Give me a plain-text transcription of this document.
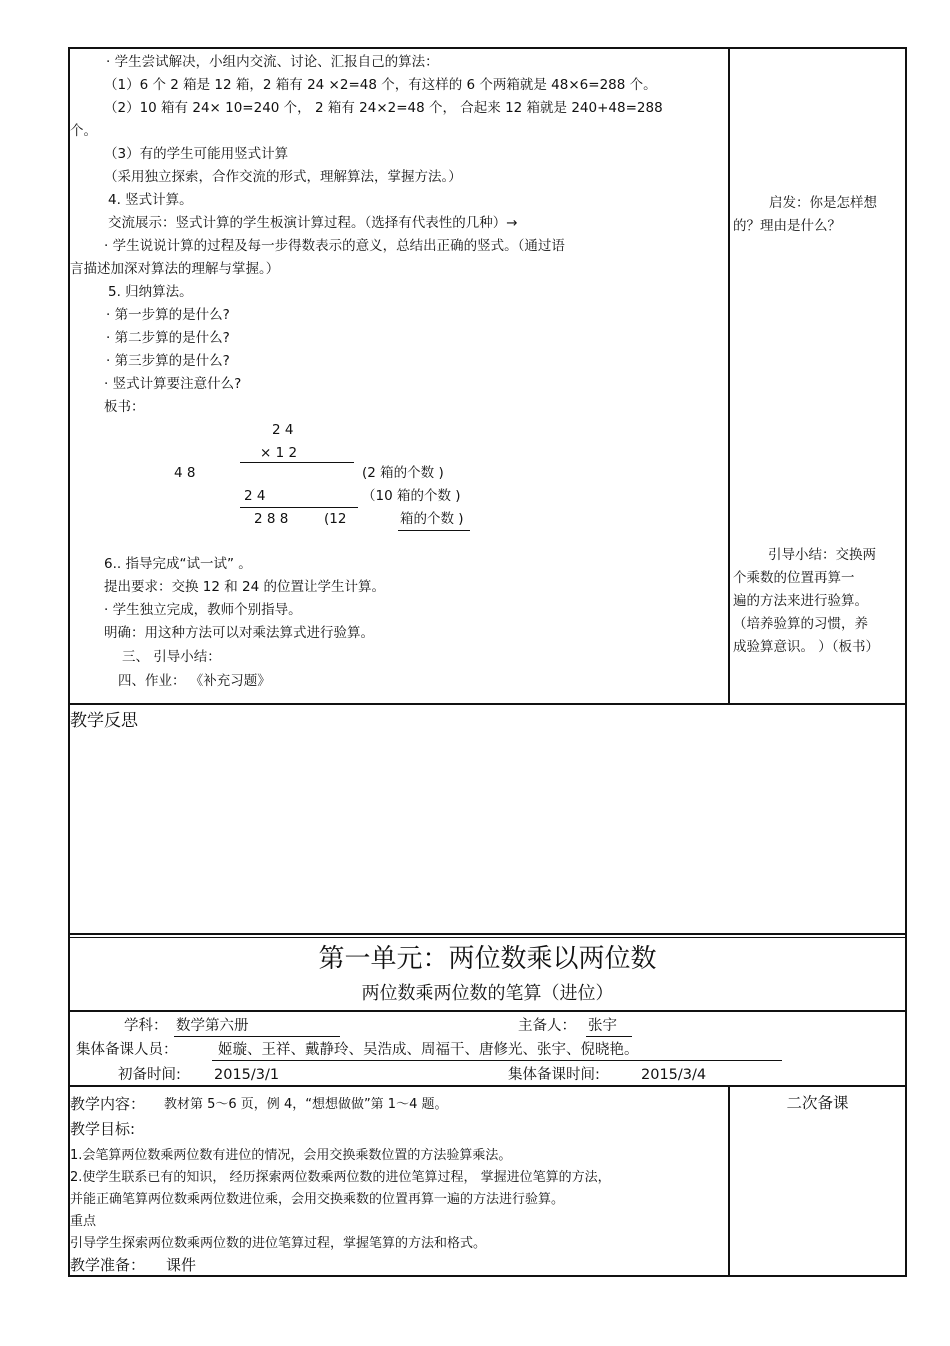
· 学生尝试解决，小组内交流、讨论、汇报自己的算法：
（1）6 个 2 箱是 12 箱，2 箱有 24 ×2=48 个，有这样的 6 个两箱就是 48×6=288 个。
（2）10 箱有 24× 10=240 个， 2 箱有 24×2=48 个， 合起来 12 箱就是 240+48=288
个。
（3）有的学生可能用竖式计算
（采用独立探索，合作交流的形式，理解算法，掌握方法。）
4. 竖式计算。
交流展示：竖式计算的学生板演计算过程。（选择有代表性的几种）→
· 学生说说计算的过程及每一步得数表示的意义，总结出正确的竖式。（通过语
言描述加深对算法的理解与掌握。）
5. 归纳算法。
· 第一步算的是什么?
· 第二步算的是什么?
· 第三步算的是什么?
· 竖式计算要注意什么?
板书：
2 4
× 1 2
4 8	(2 箱的个数 )
2 4	（10 箱的个数 )
2 8 8	(12	箱的个数 )
6.. 指导完成“试一试” 。
提出要求：交换 12 和 24 的位置让学生计算。
· 学生独立完成，教师个别指导。
明确：用这种方法可以对乘法算式进行验算。
三、 引导小结：
四、作业： 《补充习题》
启发：你是怎样想的？理由是什么？
引导小结：交换两
个乘数的位置再算一
遍的方法来进行验算。
（培养验算的习惯，养
成验算意识。 ）（板书）
教学反思
第一单元：两位数乘以两位数
两位数乘两位数的笔算（进位）
学科： 数学第六册	主备人： 张宇
集体备课人员：	姬璇、王祥、戴静玲、吴浩成、周福干、唐修光、张宇、倪晓艳。
初备时间: 2015/3/1	集体备课时间:	2015/3/4
教学内容： 教材第 5～6 页，例 4，“想想做做”第 1～4 题。	二次备课
教学目标:
1.会笔算两位数乘两位数有进位的情况，会用交换乘数位置的方法验算乘法。
2.使学生联系已有的知识， 经历探索两位数乘两位数的进位笔算过程， 掌握进位笔算的方法，
并能正确笔算两位数乘两位数进位乘，会用交换乘数的位置再算一遍的方法进行验算。
重点
引导学生探索两位数乘两位数的进位笔算过程，掌握笔算的方法和格式。
教学准备： 课件
